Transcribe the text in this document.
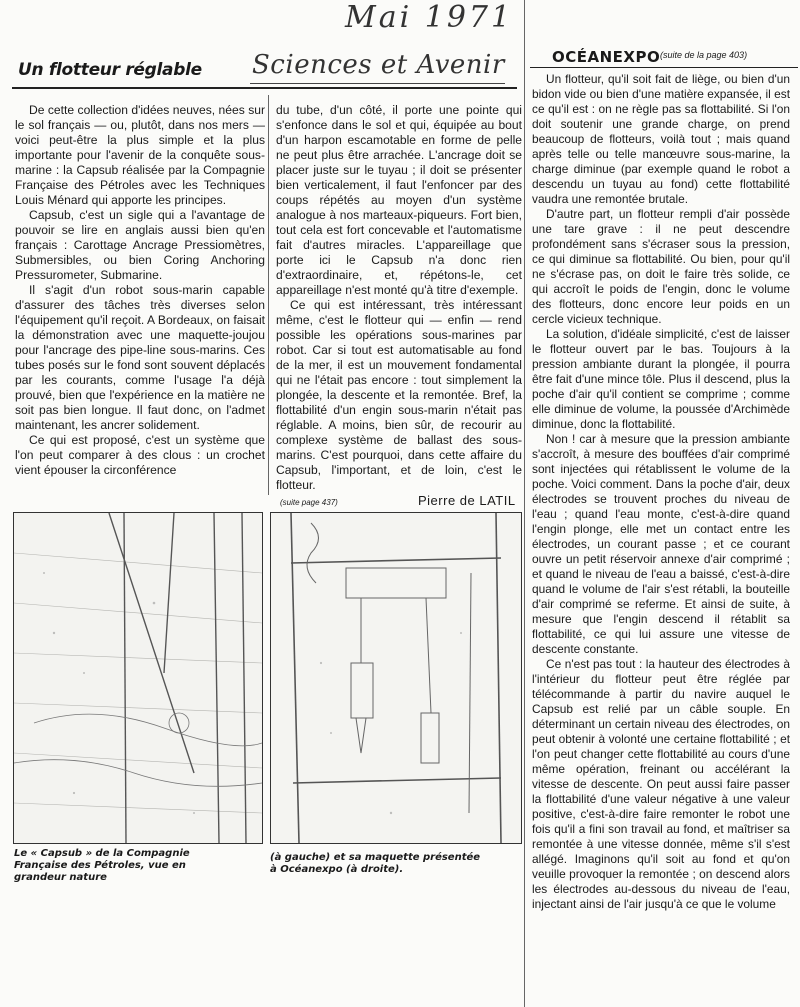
Mai 1971
Sciences et Avenir
Un flotteur réglable
OCÉANEXPO (suite de la page 403)

De cette collection d'idées neuves, nées sur le sol français — ou, plutôt, dans nos mers — voici peut-être la plus simple et la plus importante pour l'avenir de la conquête sous-marine : la Capsub réalisée par la Compagnie Française des Pétroles avec les Techniques Louis Ménard qui apporte les principes.

Capsub, c'est un sigle qui a l'avantage de pouvoir se lire en anglais aussi bien qu'en français : Carottage Ancrage Pressiomètres, Submersibles, ou bien Coring Anchoring Pressurometer, Submarine.

Il s'agit d'un robot sous-marin capable d'assurer des tâches très diverses selon l'équipement qu'il reçoit. A Bordeaux, on faisait la démonstration avec une maquette-joujou pour l'ancrage des pipe-line sous-marins. Ces tubes posés sur le fond sont souvent déplacés par les courants, comme l'usage l'a déjà prouvé, bien que l'expérience en la matière ne soit pas bien longue. Il faut donc, on l'admet maintenant, les ancrer solidement.

Ce qui est proposé, c'est un système que l'on peut comparer à des clous : un crochet vient épouser la circonférence

du tube, d'un côté, il porte une pointe qui s'enfonce dans le sol et qui, équipée au bout d'un harpon escamotable en forme de pelle ne peut plus être arrachée. L'ancrage doit se placer juste sur le tuyau ; il doit se présenter bien verticalement, il faut l'enfoncer par des coups répétés au moyen d'un système analogue à nos marteaux-piqueurs. Fort bien, tout cela est fort concevable et l'automatisme fait d'autres miracles. L'appareillage que porte ici le Capsub n'a donc rien d'extraordinaire, et, répétons-le, cet appareillage n'est monté qu'à titre d'exemple.

Ce qui est intéressant, très intéressant même, c'est le flotteur qui — enfin — rend possible les opérations sous-marines par robot. Car si tout est automatisable au fond de la mer, il est un mouvement fondamental qui ne l'était pas encore : tout simplement la plongée, la descente et la remontée. Bref, la flottabilité d'un engin sous-marin n'était pas réglable. A moins, bien sûr, de recourir au complexe système de ballast des sous-marins. C'est pourquoi, dans cette affaire du Capsub, l'important, et de loin, c'est le flotteur.

(suite page 437)	Pierre de LATIL

Un flotteur, qu'il soit fait de liège, ou bien d'un bidon vide ou bien d'une matière expansée, il est ce qu'il est : on ne règle pas sa flottabilité. Si l'on doit soutenir une grande charge, on prend beaucoup de flotteurs, voilà tout ; mais quand après telle ou telle manœuvre sous-marine, la charge diminue (par exemple quand le robot a descendu un tuyau au fond) cette flottabilité vaudra une remontée brutale.

D'autre part, un flotteur rempli d'air possède une tare grave : il ne peut descendre profondément sans s'écraser sous la pression, ce qui diminue sa flottabilité. Ou bien, pour qu'il ne s'écrase pas, on doit le faire très solide, ce qui accroît le poids de l'engin, donc le volume des flotteurs, donc encore leur poids en un cercle vicieux technique.

La solution, d'idéale simplicité, c'est de laisser le flotteur ouvert par le bas. Toujours à la pression ambiante durant la plongée, il pourra être fait d'une mince tôle. Plus il descend, plus la poche d'air qu'il contient se comprime ; comme elle diminue de volume, la poussée d'Archimède diminue, donc la flottabilité.

Non ! car à mesure que la pression ambiante s'accroît, à mesure des bouffées d'air comprimé sont injectées qui rétablissent le volume de la poche. Voici comment. Dans la poche d'air, deux électrodes se trouvent proches du niveau de l'eau ; quand l'eau monte, c'est-à-dire quand l'engin plonge, elle met un contact entre les électrodes, un courant passe ; et ce courant ouvre un petit réservoir annexe d'air comprimé ; et quand le niveau de l'eau a baissé, c'est-à-dire quand le volume de l'air s'est rétabli, la bouteille d'air comprimé se referme. Et ainsi de suite, à mesure que l'engin descend il rétablit sa flottabilité, ce qui lui assure une vitesse de descente constante.

Ce n'est pas tout : la hauteur des électrodes à l'intérieur du flotteur peut être réglée par télécommande à partir du navire auquel le Capsub est relié par un câble souple. En déterminant un certain niveau des électrodes, on peut obtenir à volonté une certaine flottabilité ; et l'on peut changer cette flottabilité au cours d'une même opération, freinant ou accélérant la vitesse de descente. On peut aussi faire passer la flottabilité d'une valeur négative à une valeur positive, c'est-à-dire faire remonter le robot une fois qu'il a fini son travail au fond, et maîtriser sa remontée à une vitesse donnée, même s'il s'est allégé. Imaginons qu'il soit au fond et qu'on veuille provoquer la remontée ; on descend alors les électrodes au-dessous du niveau de l'eau, injectant ainsi de l'air jusqu'à ce que le volume

Le « Capsub » de la Compagnie Française des Pétroles, vue en grandeur nature
(à gauche) et sa maquette présentée à Océanexpo (à droite).
